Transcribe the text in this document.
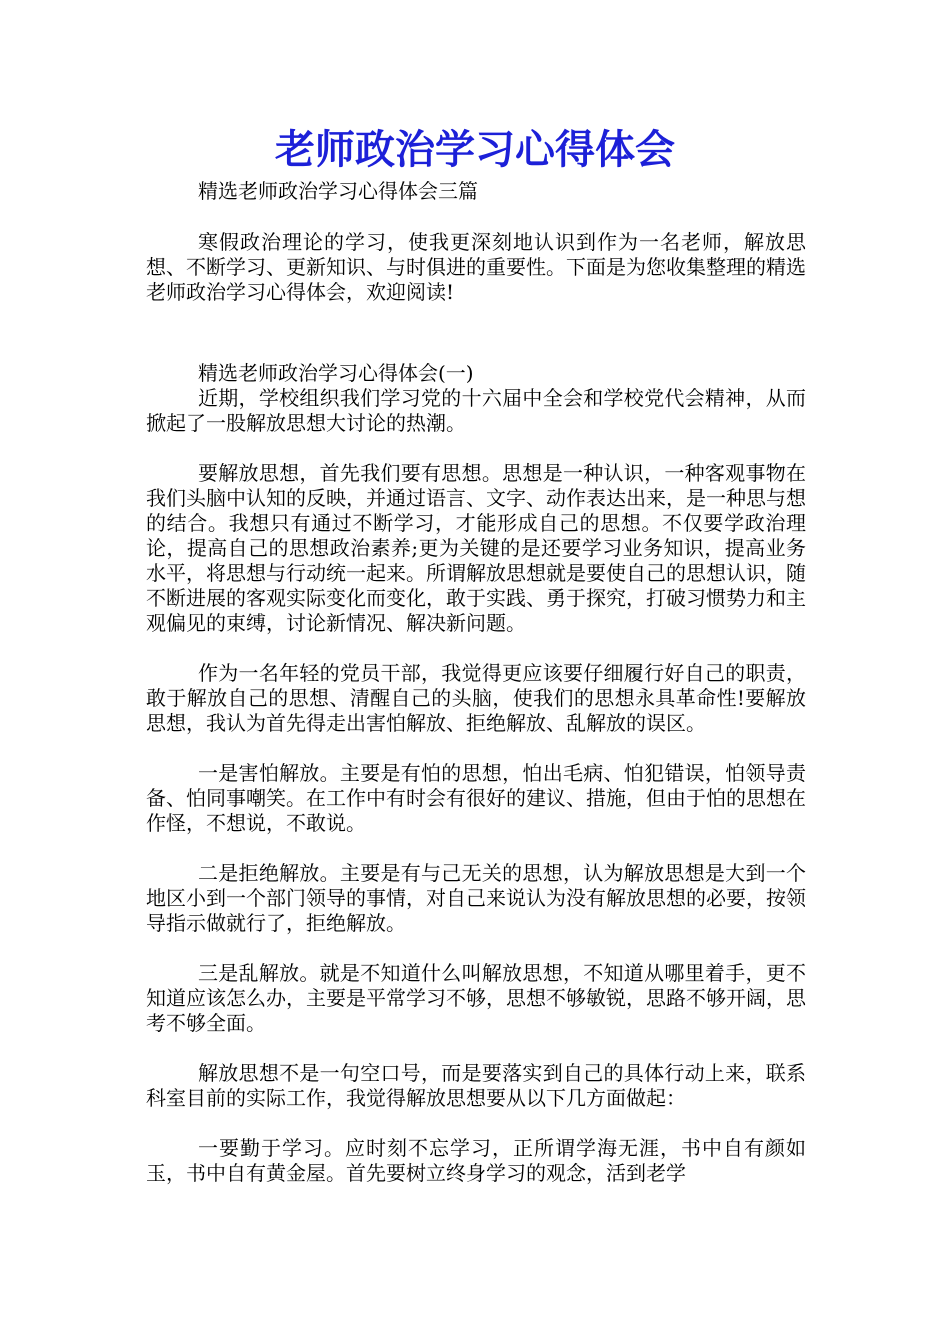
老师政治学习心得体会

精选老师政治学习心得体会三篇

寒假政治理论的学习，使我更深刻地认识到作为一名老师，解放思想、不断学习、更新知识、与时俱进的重要性。下面是为您收集整理的精选老师政治学习心得体会，欢迎阅读!

精选老师政治学习心得体会(一)

近期，学校组织我们学习党的十六届中全会和学校党代会精神，从而掀起了一股解放思想大讨论的热潮。

要解放思想，首先我们要有思想。思想是一种认识，一种客观事物在我们头脑中认知的反映，并通过语言、文字、动作表达出来，是一种思与想的结合。我想只有通过不断学习，才能形成自己的思想。不仅要学政治理论，提高自己的思想政治素养;更为关键的是还要学习业务知识，提高业务水平，将思想与行动统一起来。所谓解放思想就是要使自己的思想认识，随不断进展的客观实际变化而变化，敢于实践、勇于探究，打破习惯势力和主观偏见的束缚，讨论新情况、解决新问题。

作为一名年轻的党员干部，我觉得更应该要仔细履行好自己的职责，敢于解放自己的思想、清醒自己的头脑，使我们的思想永具革命性!要解放思想，我认为首先得走出害怕解放、拒绝解放、乱解放的误区。

一是害怕解放。主要是有怕的思想，怕出毛病、怕犯错误，怕领导责备、怕同事嘲笑。在工作中有时会有很好的建议、措施，但由于怕的思想在作怪，不想说，不敢说。

二是拒绝解放。主要是有与己无关的思想，认为解放思想是大到一个地区小到一个部门领导的事情，对自己来说认为没有解放思想的必要，按领导指示做就行了，拒绝解放。

三是乱解放。就是不知道什么叫解放思想，不知道从哪里着手，更不知道应该怎么办，主要是平常学习不够，思想不够敏锐，思路不够开阔，思考不够全面。

解放思想不是一句空口号，而是要落实到自己的具体行动上来，联系科室目前的实际工作，我觉得解放思想要从以下几方面做起：

一要勤于学习。应时刻不忘学习，正所谓学海无涯，书中自有颜如玉，书中自有黄金屋。首先要树立终身学习的观念，活到老学
